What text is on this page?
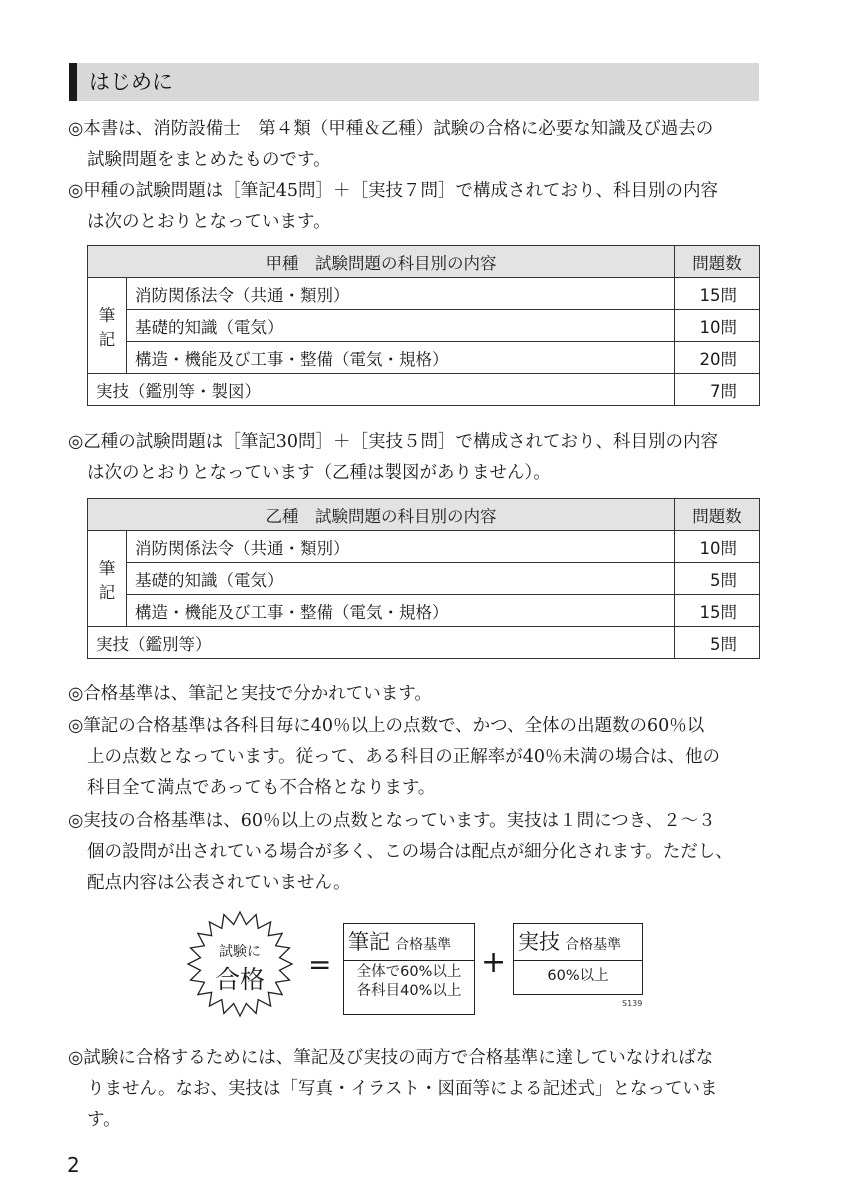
はじめに
◎本書は、消防設備士　第４類（甲種＆乙種）試験の合格に必要な知識及び過去の
試験問題をまとめたものです。
◎甲種の試験問題は［筆記45問］＋［実技７問］で構成されており、科目別の内容
は次のとおりとなっています。
甲種　試験問題の科目別の内容		問題数
筆記	消防関係法令（共通・類別）	15問
	基礎的知識（電気）	10問
	構造・機能及び工事・整備（電気・規格）	20問
実技（鑑別等・製図）		7問
◎乙種の試験問題は［筆記30問］＋［実技５問］で構成されており、科目別の内容
は次のとおりとなっています（乙種は製図がありません）。
乙種　試験問題の科目別の内容		問題数
筆記	消防関係法令（共通・類別）	10問
	基礎的知識（電気）	5問
	構造・機能及び工事・整備（電気・規格）	15問
実技（鑑別等）		5問
◎合格基準は、筆記と実技で分かれています。
◎筆記の合格基準は各科目毎に40％以上の点数で、かつ、全体の出題数の60％以
上の点数となっています。従って、ある科目の正解率が40％未満の場合は、他の
科目全て満点であっても不合格となります。
◎実技の合格基準は、60％以上の点数となっています。実技は１問につき、２〜３
個の設問が出されている場合が多く、この場合は配点が細分化されます。ただし、
配点内容は公表されていません。
試験に
合格	=
筆記 合格基準
全体で60%以上
各科目40%以上
+
実技 合格基準
60%以上
S139
◎試験に合格するためには、筆記及び実技の両方で合格基準に達していなければな
りません。なお、実技は「写真・イラスト・図面等による記述式」となっていま
す。
2
